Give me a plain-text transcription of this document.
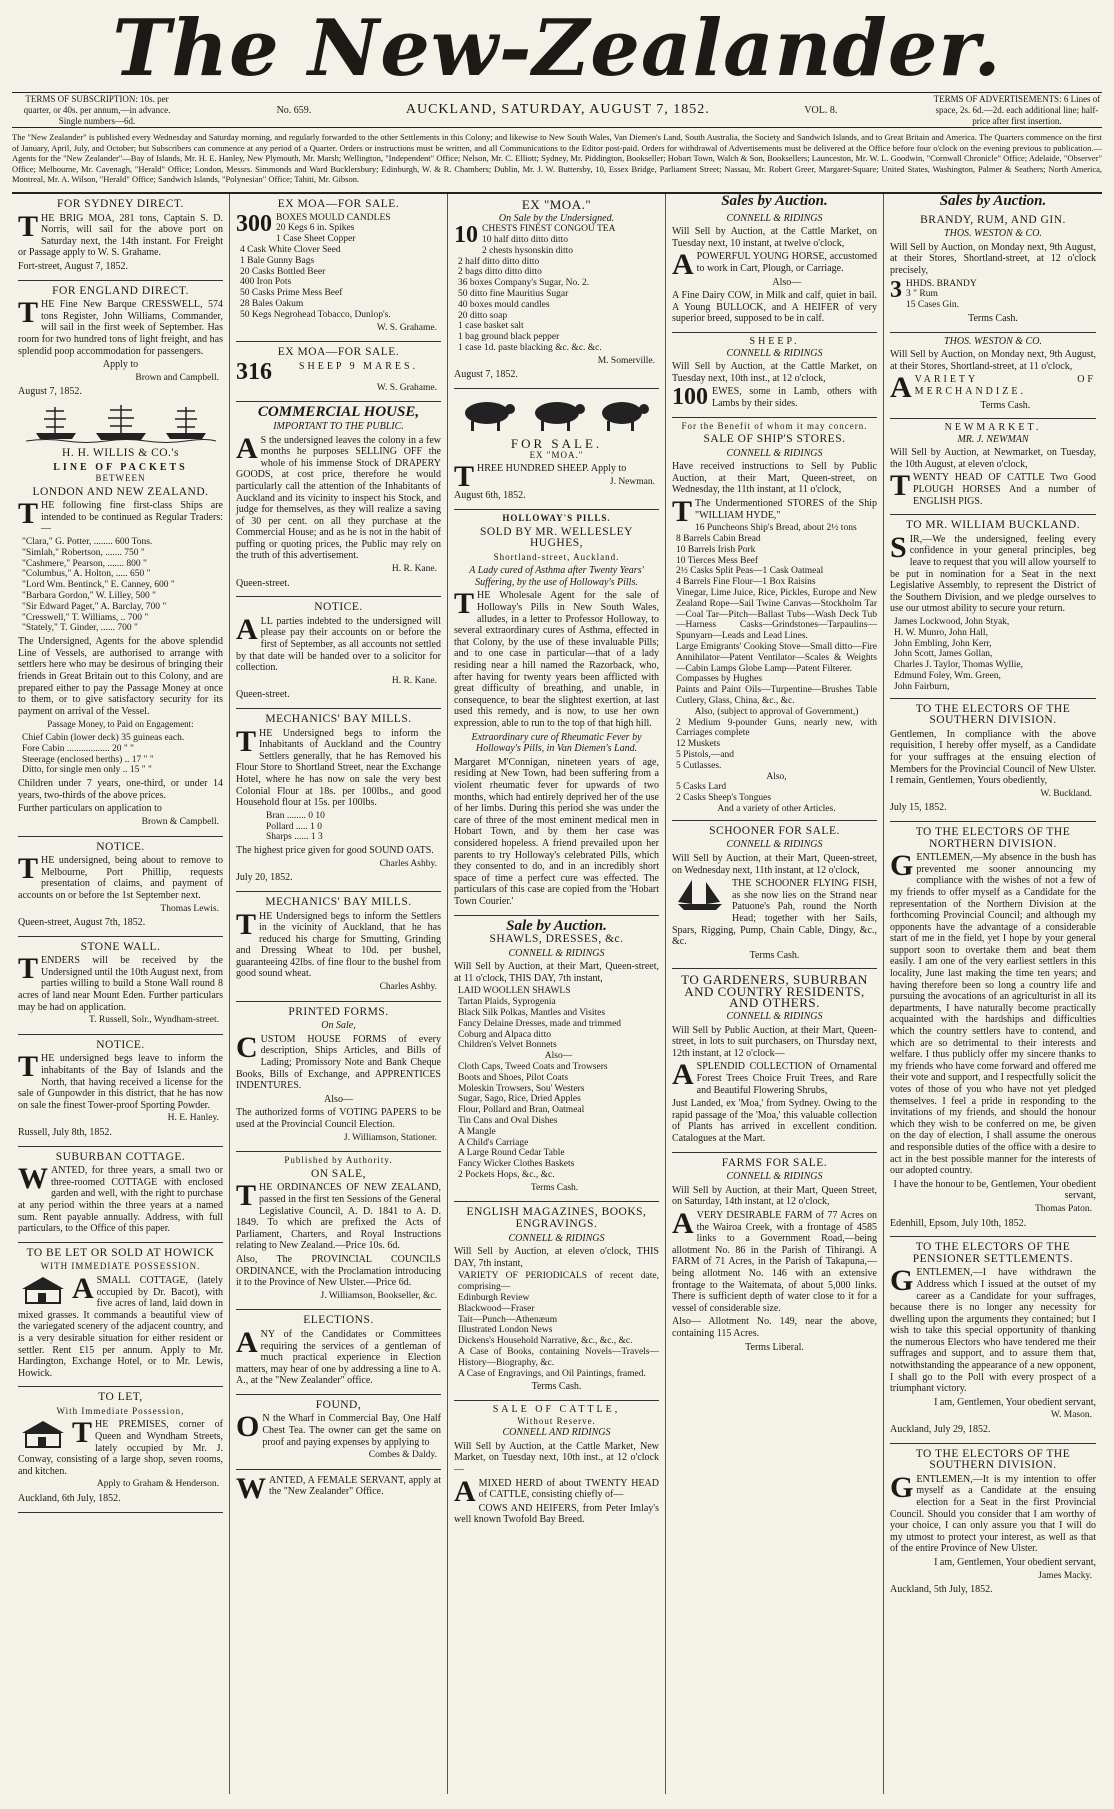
The New-Zealander.
TERMS OF SUBSCRIPTION: 10s. per quarter, or 40s. per annum,—in advance. Single numbers—6d.
No. 659.	AUCKLAND, SATURDAY, AUGUST 7, 1852.	VOL. 8.
TERMS OF ADVERTISEMENTS: 6 Lines of space, 2s. 6d.—2d. each additional line; half-price after first insertion.
The "New Zealander" is published every Wednesday and Saturday morning, and regularly forwarded to the other Settlements in this Colony; and likewise to New South Wales, Van Diemen's Land, South Australia, the Society and Sandwich Islands, and to Great Britain and America. The Quarters commence on the first of January, April, July, and October; but Subscribers can commence at any period of a Quarter. Orders or instructions must be written, and all Communications to the Editor post-paid. Orders for withdrawal of Advertisements must be delivered at the Office before four o'clock on the evening previous to publication.—Agents for the "New Zealander"—Bay of Islands, Mr. H. E. Hanley, New Plymouth, Mr. Marsh; Wellington, "Independent" Office; Nelson, Mr. C. Elliott; Sydney, Mr. Piddington, Bookseller; Hobart Town, Walch & Son, Booksellers; Launceston, Mr. W. L. Goodwin, "Cornwall Chronicle" Office; Adelaide, "Observer" Office; Melbourne, Mr. Cavenagh, "Herald" Office; London, Messrs. Simmonds and Ward Bucklersbury; Edinburgh, W. & R. Chambers; Dublin, Mr. J. W. Buttersby, 10, Essex Bridge, Parliament Street; Nassau, Mr. Robert Greer, Margaret-Square; United States, Washington, Palmer & Seathers; North America, Montreal, Mr. A. Wilson, "Herald" Office; Sandwich Islands, "Polynesian" Office; Tahiti, Mr. Gibson.
FOR SYDNEY DIRECT.

THE BRIG MOA, 281 tons, Captain S. D. Norris, will sail for the above port on Saturday next, the 14th instant. For Freight or Passage apply to W. S. Grahame.

Fort-street, August 7, 1852.

FOR ENGLAND DIRECT.

THE Fine New Barque CRESSWELL, 574 tons Register, John Williams, Commander, will sail in the first week of September. Has room for two hundred tons of light freight, and has splendid poop accommodation for passengers.

Apply to

Brown and Campbell.

August 7, 1852.

H. H. WILLIS & CO.'s
LINE OF PACKETS
BETWEEN
LONDON AND NEW ZEALAND.

THE following fine first-class Ships are intended to be continued as Regular Traders:—

"Clara," G. Potter, ........ 600 Tons.
"Simlah," Robertson, ....... 750 "
"Cashmere," Pearson, ....... 800 "
"Columbus," A. Holton, ..... 650 "
"Lord Wm. Bentinck," E. Canney, 600 "
"Barbara Gordon," W. Lilley, 500 "
"Sir Edward Paget," A. Barclay, 700 "
"Cresswell," T. Williams, .. 700 "
"Stately," T. Ginder, ...... 700 "

The Undersigned, Agents for the above splendid Line of Vessels, are authorised to arrange with settlers here who may be desirous of bringing their friends in Great Britain out to this Colony, and are prepared either to pay the Passage Money at once to them, or to give satisfactory security for its payment on arrival of the Vessel.

Passage Money, to Paid on Engagement:

Chief Cabin (lower deck) 35 guineas each.
Fore Cabin .................. 20 " "
Steerage (enclosed berths) .. 17 " "
Ditto, for single men only .. 15 " "

Children under 7 years, one-third, or under 14 years, two-thirds of the above prices.

Further particulars on application to

Brown & Campbell.

NOTICE.

THE undersigned, being about to remove to Melbourne, Port Phillip, requests presentation of claims, and payment of accounts on or before the 1st September next.

Thomas Lewis.

Queen-street, August 7th, 1852.

STONE WALL.

TENDERS will be received by the Undersigned until the 10th August next, from parties willing to build a Stone Wall round 8 acres of land near Mount Eden. Further particulars may be had on application.

T. Russell, Solr., Wyndham-street.

NOTICE.

THE undersigned begs leave to inform the inhabitants of the Bay of Islands and the North, that having received a license for the sale of Gunpowder in this district, that he has now on sale the finest Tower-proof Sporting Powder.

H. E. Hanley.

Russell, July 8th, 1852.

SUBURBAN COTTAGE.

WANTED, for three years, a small two or three-roomed COTTAGE with enclosed garden and well, with the right to purchase at any period within the three years at a named sum. Rent payable annually. Address, with full particulars, to the Office of this paper.

TO BE LET OR SOLD AT HOWICK
WITH IMMEDIATE POSSESSION.

ASMALL COTTAGE, (lately occupied by Dr. Bacot), with five acres of land, laid down in mixed grasses. It commands a beautiful view of the variegated scenery of the adjacent country, and is a very desirable situation for either resident or settler. Rent £15 per annum. Apply to Mr. Hardington, Exchange Hotel, or to Mr. Lewis, Howick.

TO LET,
With Immediate Possession,

THE PREMISES, corner of Queen and Wyndham Streets, lately occupied by Mr. J. Conway, consisting of a large shop, seven rooms, and kitchen.

Apply to Graham & Henderson.

Auckland, 6th July, 1852.

EX MOA—FOR SALE.
300 BOXES MOULD CANDLES
20 Kegs 6 in. Spikes
1 Case Sheet Copper
4 Cask White Clover Seed
1 Bale Gunny Bags
20 Casks Bottled Beer
400 Iron Pots
50 Casks Prime Mess Beef
28 Bales Oakum
50 Kegs Negrohead Tobacco, Dunlop's.

W. S. Grahame.

EX MOA—FOR SALE.
316	SHEEP 9 MARES.

W. S. Grahame.

COMMERCIAL HOUSE,
IMPORTANT TO THE PUBLIC.

A S the undersigned leaves the colony in a few months he purposes SELLING OFF the whole of his immense Stock of DRAPERY GOODS, at cost price, therefore he would particularly call the attention of the Inhabitants of Auckland and its vicinity to inspect his Stock, and judge for themselves, as they will realize a saving of 30 per cent. on all they purchase at the Commercial House; and as he is not in the habit of puffing or quoting prices, the Public may rely on the truth of this advertisement.

H. R. Kane.

Queen-street.

NOTICE.

ALL parties indebted to the undersigned will please pay their accounts on or before the first of September, as all accounts not settled by that date will be handed over to a solicitor for collection.

H. R. Kane.

Queen-street.

MECHANICS' BAY MILLS.

THE Undersigned begs to inform the Inhabitants of Auckland and the Country Settlers generally, that he has Removed his Flour Store to Shortland Street, near the Exchange Hotel, where he has now on sale the very best Colonial Flour at 18s. per 100lbs., and good Household flour at 15s. per 100lbs.

Bran ........ 0 10
Pollard ..... 1 0
Sharps ...... 1 3

The highest price given for good SOUND OATS.

Charles Ashby.

July 20, 1852.

MECHANICS' BAY MILLS.

THE Undersigned begs to inform the Settlers in the vicinity of Auckland, that he has reduced his charge for Smutting, Grinding and Dressing Wheat to 10d. per bushel, guaranteeing 42lbs. of fine flour to the bushel from good sound wheat.

Charles Ashby.

PRINTED FORMS.
On Sale,

CUSTOM HOUSE FORMS of every description, Ships Articles, and Bills of Lading; Promissory Note and Bank Cheque Books, Bills of Exchange, and APPRENTICES INDENTURES.

Also—

The authorized forms of VOTING PAPERS to be used at the Provincial Council Election.

J. Williamson, Stationer.

Published by Authority.
ON SALE,

THE ORDINANCES OF NEW ZEALAND, passed in the first ten Sessions of the General Legislative Council, A. D. 1841 to A. D. 1849. To which are prefixed the Acts of Parliament, Charters, and Royal Instructions relating to New Zealand.—Price 10s. 6d.

Also, The PROVINCIAL COUNCILS ORDINANCE, with the Proclamation introducing it to the Province of New Ulster.—Price 6d.

J. Williamson, Bookseller, &c.

ELECTIONS.

ANY of the Candidates or Committees requiring the services of a gentleman of much practical experience in Election matters, may hear of one by addressing a line to A. A., at the "New Zealander" office.

FOUND,

O N the Wharf in Commercial Bay, One Half Chest Tea. The owner can get the same on proof and paying expenses by applying to

Combes & Daldy.

WANTED, A FEMALE SERVANT, apply at the "New Zealander" Office.

EX "MOA."
On Sale by the Undersigned.
10 CHESTS FINEST CONGOU TEA
10 half ditto ditto ditto
2 chests hysonskin ditto
2 half ditto ditto ditto
2 bags ditto ditto ditto
36 boxes Company's Sugar, No. 2.
50 ditto fine Mauritius Sugar
40 boxes mould candles
20 ditto soap
1 case basket salt
1 bag ground black pepper
1 case 1d. paste blacking &c. &c. &c.

M. Somerville.

August 7, 1852.

FOR SALE.
EX "MOA."

THREE HUNDRED SHEEP. Apply to

J. Newman.

August 6th, 1852.

HOLLOWAY'S PILLS.
SOLD BY MR. WELLESLEY HUGHES,
Shortland-street, Auckland.

A Lady cured of Asthma after Twenty Years' Suffering, by the use of Holloway's Pills.

THE Wholesale Agent for the sale of Holloway's Pills in New South Wales, alludes, in a letter to Professor Holloway, to several extraordinary cures of Asthma, effected in that Colony, by the use of these invaluable Pills; and to one case in particular—that of a lady residing near a hill named the Razorback, who, after having for twenty years been afflicted with great difficulty of breathing, and unable, in consequence, to bear the slightest exertion, at last used this remedy, and is now, to use her own expression, able to run to the top of that high hill.

Extraordinary cure of Rheumatic Fever by Holloway's Pills, in Van Diemen's Land.

Margaret M'Connigan, nineteen years of age, residing at New Town, had been suffering from a violent rheumatic fever for upwards of two months, which had entirely deprived her of the use of her limbs. During this period she was under the care of three of the most eminent medical men in Hobart Town, and by them her case was considered hopeless. A friend prevailed upon her parents to try Holloway's celebrated Pills, which they consented to do, and in an incredibly short space of time a perfect cure was effected. The particulars of this case are copied from the 'Hobart Town Courier.'

Sale by Auction.
SHAWLS, DRESSES, &c.
CONNELL & RIDINGS

Will Sell by Auction, at their Mart, Queen-street, at 11 o'clock, THIS DAY, 7th instant,

LAID WOOLLEN SHAWLS
Tartan Plaids, Syprogenia
Black Silk Polkas, Mantles and Visites
Fancy Delaine Dresses, made and trimmed
Coburg and Alpaca ditto
Children's Velvet Bonnets
Also—
Cloth Caps, Tweed Coats and Trowsers
Boots and Shoes, Pilot Coats
Moleskin Trowsers, Sou' Westers
Sugar, Sago, Rice, Dried Apples
Flour, Pollard and Bran, Oatmeal
Tin Cans and Oval Dishes
A Mangle
A Child's Carriage
A Large Round Cedar Table
Fancy Wicker Clothes Baskets
2 Pockets Hops, &c., &c.

Terms Cash.

ENGLISH MAGAZINES, BOOKS, ENGRAVINGS.
CONNELL & RIDINGS

Will Sell by Auction, at eleven o'clock, THIS DAY, 7th instant,

VARIETY OF PERIODICALS of recent date, comprising—
Edinburgh Review
Blackwood—Fraser
Tait—Punch—Athenæum
Illustrated London News
Dickens's Household Narrative, &c., &c., &c.
A Case of Books, containing Novels—Travels—History—Biography, &c.
A Case of Engravings, and Oil Paintings, framed.

Terms Cash.

SALE OF CATTLE,
Without Reserve.
CONNELL AND RIDINGS

Will Sell by Auction, at the Cattle Market, New Market, on Tuesday next, 10th inst., at 12 o'clock—

AMIXED HERD of about TWENTY HEAD of CATTLE, consisting chiefly of—

COWS AND HEIFERS, from Peter Imlay's well known Twofold Bay Breed.

Sales by Auction.
CONNELL & RIDINGS

Will Sell by Auction, at the Cattle Market, on Tuesday next, 10 instant, at twelve o'clock,

APOWERFUL YOUNG HORSE, accustomed to work in Cart, Plough, or Carriage.

Also—

A Fine Dairy COW, in Milk and calf, quiet in bail. A Young BULLOCK, and A HEIFER of very superior breed, supposed to be in calf.

SHEEP.
CONNELL & RIDINGS

Will Sell by Auction, at the Cattle Market, on Tuesday next, 10th inst., at 12 o'clock,

100 EWES, some in Lamb, others with Lambs by their sides.

For the Benefit of whom it may concern.
SALE OF SHIP'S STORES.
CONNELL & RIDINGS

Have received instructions to Sell by Public Auction, at their Mart, Queen-street, on Wednesday, the 11th instant, at 11 o'clock,

T The Undermentioned STORES of the Ship "WILLIAM HYDE,"

16 Puncheons Ship's Bread, about 2½ tons
8 Barrels Cabin Bread
10 Barrels Irish Pork
10 Tierces Mess Beef
2½ Casks Split Peas—1 Cask Oatmeal
4 Barrels Fine Flour—1 Box Raisins
Vinegar, Lime Juice, Rice, Pickles, Europe and New Zealand Rope—Sail Twine Canvas—Stockholm Tar—Coal Tar—Pitch—Ballast Tubs—Wash Deck Tub—Harness Casks—Grindstones—Tarpaulins—Spunyarn—Leads and Lead Lines.
Large Emigrants' Cooking Stove—Small ditto—Fire Annihilator—Patent Ventilator—Scales & Weights—Cabin Lamps Globe Lamp—Patent Filterer.
Compasses by Hughes
Paints and Paint Oils—Turpentine—Brushes Table Cutlery, Glass, China, &c., &c.
Also, (subject to approval of Government,)
2 Medium 9-pounder Guns, nearly new, with Carriages complete
12 Muskets
5 Pistols,—and
5 Cutlasses.
Also,
5 Casks Lard
2 Casks Sheep's Tongues
And a variety of other Articles.
SCHOONER FOR SALE.
CONNELL & RIDINGS

Will Sell by Auction, at their Mart, Queen-street, on Wednesday next, 11th instant, at 12 o'clock,

THE SCHOONER FLYING FISH, as she now lies on the Strand near Patuone's Pah, round the North Head; together with her Sails, Spars, Rigging, Pump, Chain Cable, Dingy, &c., &c.

Terms Cash.

TO GARDENERS, SUBURBAN AND COUNTRY RESIDENTS, AND OTHERS.
CONNELL & RIDINGS

Will Sell by Public Auction, at their Mart, Queen-street, in lots to suit purchasers, on Thursday next, 12th instant, at 12 o'clock—

ASPLENDID COLLECTION of Ornamental Forest Trees Choice Fruit Trees, and Rare and Beautiful Flowering Shrubs,

Just Landed, ex 'Moa,' from Sydney. Owing to the rapid passage of the 'Moa,' this valuable collection of Plants has arrived in excellent condition. Catalogues at the Mart.

FARMS FOR SALE.
CONNELL & RIDINGS

Will Sell by Auction, at their Mart, Queen Street, on Saturday, 14th instant, at 12 o'clock,

AVERY DESIRABLE FARM of 77 Acres on the Wairoa Creek, with a frontage of 4585 links to a Government Road,—being allotment No. 86 in the Parish of Tihirangi. A FARM of 71 Acres, in the Parish of Takapuna,—being allotment No. 146 with an extensive frontage to the Waitemata, of about 5,000 links. There is sufficient depth of water close to it for a vessel of considerable size.

Also— Allotment No. 149, near the above, containing 115 Acres.

Terms Liberal.

Sales by Auction.
BRANDY, RUM, AND GIN.
THOS. WESTON & CO.

Will Sell by Auction, on Monday next, 9th August, at their Stores, Shortland-street, at 12 o'clock precisely,

3 HHDS. BRANDY
3 " Rum
15 Cases Gin.

Terms Cash.

THOS. WESTON & CO.

Will Sell by Auction, on Monday next, 9th August, at their Stores, Shortland-street, at 11 o'clock,

AVARIETY OF MERCHANDIZE.

Terms Cash.

NEWMARKET.
MR. J. NEWMAN

Will Sell by Auction, at Newmarket, on Tuesday, the 10th August, at eleven o'clock,

TWENTY HEAD OF CATTLE Two Good PLOUGH HORSES And a number of ENGLISH PIGS.

TO MR. WILLIAM BUCKLAND.

SIR,—We the undersigned, feeling every confidence in your general principles, beg leave to request that you will allow yourself to be put in nomination for a Seat in the next Legislative Assembly, to represent the District of the Southern Division, and we pledge ourselves to use our utmost ability to secure your return.

James Lockwood, John Styak,
H. W. Munro, John Hall,
John Embling, John Kerr,
John Scott, James Gollan,
Charles J. Taylor, Thomas Wyllie,
Edmund Foley, Wm. Green,
John Fairburn,
TO THE ELECTORS OF THE SOUTHERN DIVISION.

Gentlemen, In compliance with the above requisition, I hereby offer myself, as a Candidate for your suffrages at the ensuing election of Members for the Provincial Council of New Ulster. I remain, Gentlemen, Yours obediently,

W. Buckland.

July 15, 1852.

TO THE ELECTORS OF THE NORTHERN DIVISION.

GENTLEMEN,—My absence in the bush has prevented me sooner announcing my compliance with the wishes of not a few of my friends to offer myself as a Candidate for the representation of the Northern Division at the forthcoming Provincial Council; and although my opponents have the advantage of a considerable start of me in the field, yet I hope by your general support soon to overtake them and beat them easily. I am one of the very earliest settlers in this locality, June last making the time ten years; and having therefore been so long a country life and pursuing the avocations of an agriculturist in all its departments, I have naturally become practically acquainted with the hardships and difficulties which the country settlers have to contend, and which are so detrimental to their interests and welfare. I thus publicly offer my sincere thanks to my friends who have come forward and offered me their vote and support, and I respectfully solicit the votes of those of you who have not yet pledged themselves. I feel a pride in responding to the invitations of my friends, and should the honour which they wish to be conferred on me, be given on the day of election, I shall assume the onerous and responsible duties of the office with a desire to act in the best possible manner for the interests of our adopted country.

I have the honour to be, Gentlemen, Your obedient servant,

Thomas Paton.

Edenhill, Epsom, July 10th, 1852.

TO THE ELECTORS OF THE PENSIONER SETTLEMENTS.

GENTLEMEN,—I have withdrawn the Address which I issued at the outset of my career as a Candidate for your suffrages, because there is no longer any necessity for dwelling upon the arguments they contained; but I wish to take this special opportunity of thanking the numerous Electors who have tendered me their suffrages and support, and to assure them that, notwithstanding the appearance of a new opponent, I shall go to the Poll with every prospect of a triumphant victory.

I am, Gentlemen, Your obedient servant,

W. Mason.

Auckland, July 29, 1852.

TO THE ELECTORS OF THE SOUTHERN DIVISION.

GENTLEMEN,—It is my intention to offer myself as a Candidate at the ensuing election for a Seat in the first Provincial Council. Should you consider that I am worthy of your choice, I can only assure you that I will do my utmost to protect your interest, as well as that of the entire Province of New Ulster.

I am, Gentlemen, Your obedient servant,

James Macky.

Auckland, 5th July, 1852.
